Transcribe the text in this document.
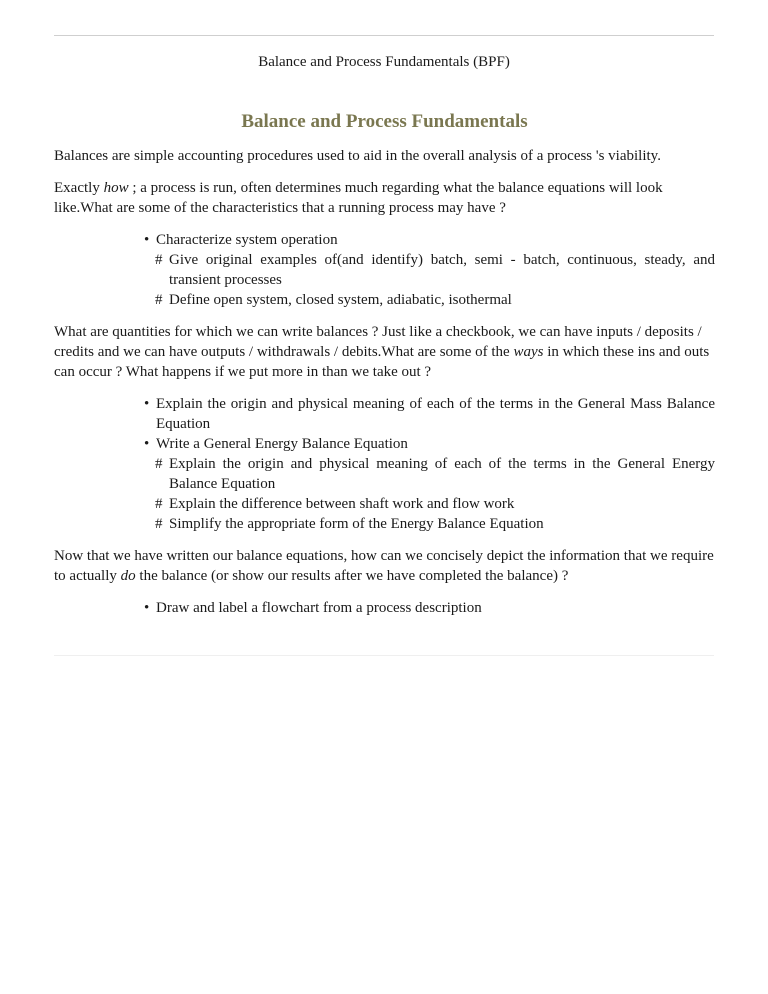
Balance and Process Fundamentals (BPF)
Balance and Process Fundamentals

Balances are simple accounting procedures used to aid in the overall analysis of a process 's viability.

Exactly how ; a process is run, often determines much regarding what the balance equations will look like.What are some of the characteristics that a running process may have ?

• Characterize system operation
# Give original examples of(and identify) batch, semi - batch, continuous, steady, and transient processes
# Define open system, closed system, adiabatic, isothermal

What are quantities for which we can write balances ? Just like a checkbook, we can have inputs / deposits / credits and we can have outputs / withdrawals / debits.What are some of the ways in which these ins and outs can occur ? What happens if we put more in than we take out ?

• Explain the origin and physical meaning of each of the terms in the General Mass Balance Equation
• Write a General Energy Balance Equation
# Explain the origin and physical meaning of each of the terms in the General Energy Balance Equation
# Explain the difference between shaft work and flow work
# Simplify the appropriate form of the Energy Balance Equation

Now that we have written our balance equations, how can we concisely depict the information that we require to actually do the balance (or show our results after we have completed the balance) ?

• Draw and label a flowchart from a process description
